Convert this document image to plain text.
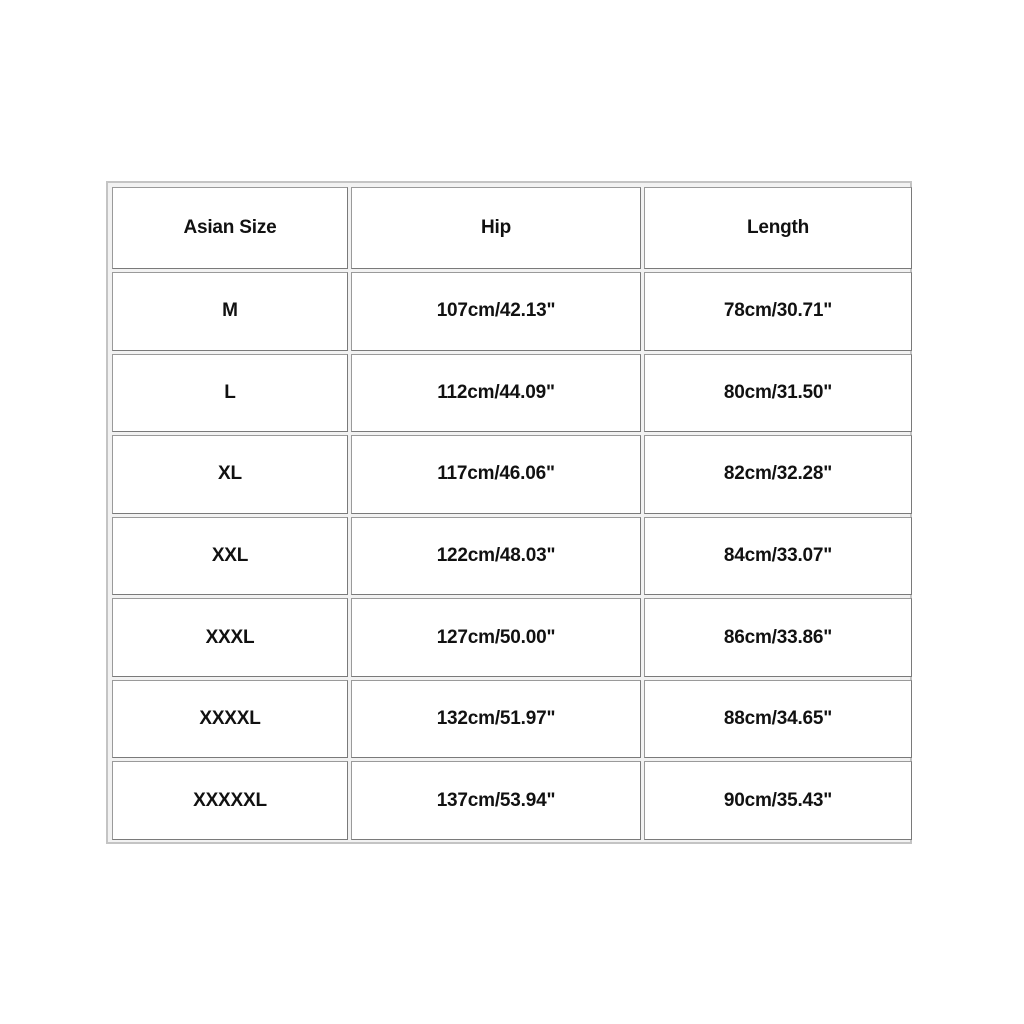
Asian Size	Hip	Length
M	107cm/42.13"	78cm/30.71"
L	112cm/44.09"	80cm/31.50"
XL	117cm/46.06"	82cm/32.28"
XXL	122cm/48.03"	84cm/33.07"
XXXL	127cm/50.00"	86cm/33.86"
XXXXL	132cm/51.97"	88cm/34.65"
XXXXXL	137cm/53.94"	90cm/35.43"
